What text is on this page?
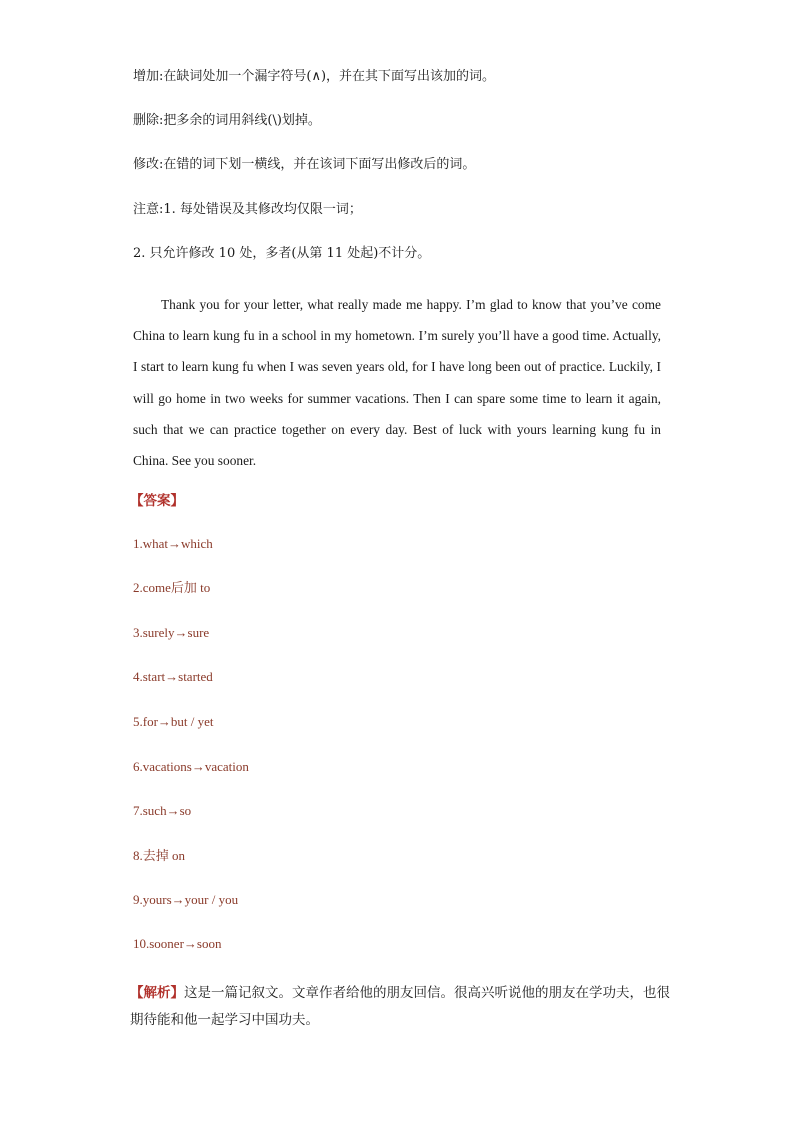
增加:在缺词处加一个漏字符号(∧)，并在其下面写出该加的词。
删除:把多余的词用斜线(\)划掉。
修改:在错的词下划一横线，并在该词下面写出修改后的词。
注意:1. 每处错误及其修改均仅限一词；
2. 只允许修改 10 处，多者(从第 11 处起)不计分。
Thank you for your letter, what really made me happy. I’m glad to know that you’ve come China to learn kung fu in a school in my hometown. I’m surely you’ll have a good time. Actually, I start to learn kung fu when I was seven years old, for I have long been out of practice. Luckily, I will go home in two weeks for summer vacations. Then I can spare some time to learn it again, such that we can practice together on every day. Best of luck with yours learning kung fu in China. See you sooner.
【答案】
1.what→which
2.come后加 to
3.surely→sure
4.start→started
5.for→but / yet
6.vacations→vacation
7.such→so
8.去掉 on
9.yours→your / you
10.sooner→soon
【解析】这是一篇记叙文。文章作者给他的朋友回信。很高兴听说他的朋友在学功夫，也很期待能和他一起学习中国功夫。
